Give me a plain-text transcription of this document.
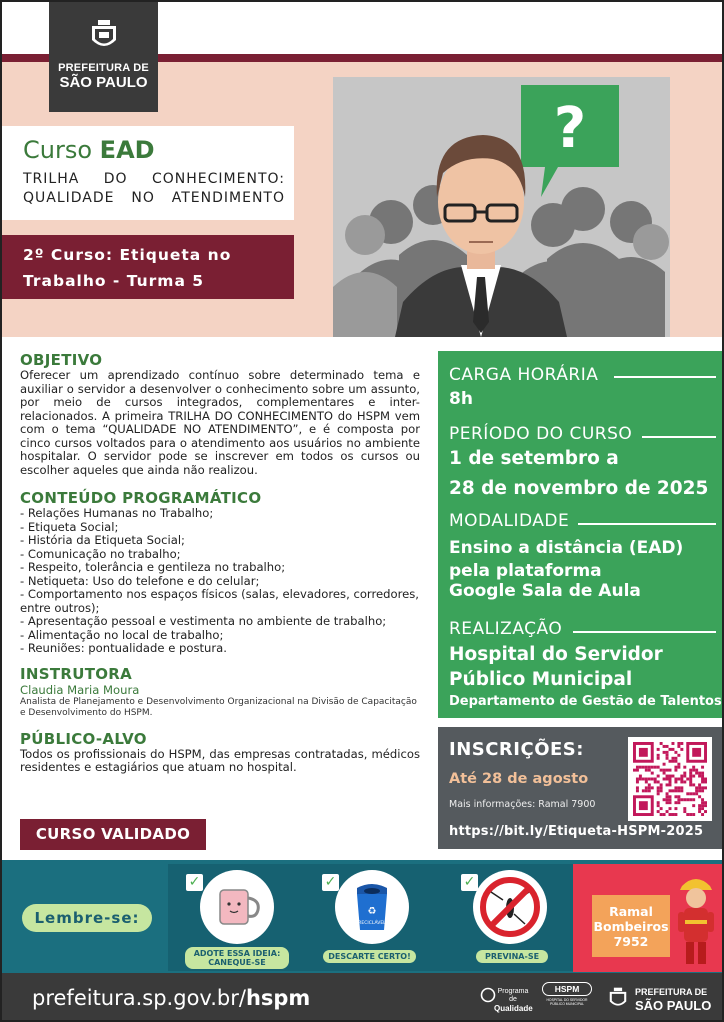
PREFEITURA DE
SÃO PAULO
Curso EAD
TRILHA DO CONHECIMENTO:
QUALIDADE NO ATENDIMENTO
2º Curso: Etiqueta no
Trabalho - Turma 5
?
OBJETIVO
Oferecer um aprendizado contínuo sobre determinado tema e auxiliar o servidor a desenvolver o conhecimento sobre um assunto, por meio de cursos integrados, complementares e inter-relacionados. A primeira TRILHA DO CONHECIMENTO do HSPM vem com o tema “QUALIDADE NO ATENDIMENTO”, e é composta por cinco cursos voltados para o atendimento aos usuários no ambiente hospitalar. O servidor pode se inscrever em todos os cursos ou escolher aqueles que ainda não realizou.
CONTEÚDO PROGRAMÁTICO
- Relações Humanas no Trabalho;
- Etiqueta Social;
- História da Etiqueta Social;
- Comunicação no trabalho;
- Respeito, tolerância e gentileza no trabalho;
- Netiqueta: Uso do telefone e do celular;
- Comportamento nos espaços físicos (salas, elevadores, corredores, entre outros);
- Apresentação pessoal e vestimenta no ambiente de trabalho;
- Alimentação no local de trabalho;
- Reuniões: pontualidade e postura.
INSTRUTORA
Claudia Maria Moura
Analista de Planejamento e Desenvolvimento Organizacional na Divisão de Capacitação e Desenvolvimento do HSPM.
PÚBLICO-ALVO
Todos os profissionais do HSPM, das empresas contratadas, médicos residentes e estagiários que atuam no hospital.
CURSO VALIDADO
CARGA HORÁRIA
8h
PERÍODO DO CURSO
1 de setembro a
28 de novembro de 2025
MODALIDADE
Ensino a distância (EAD)
pela plataforma
Google Sala de Aula
REALIZAÇÃO
Hospital do Servidor
Público Municipal
Departamento de Gestão de Talentos
INSCRIÇÕES:
Até 28 de agosto
Mais informações: Ramal 7900
https://bit.ly/Etiqueta-HSPM-2025
Lembre-se:
✓	✓	✓
♻
RECICLÁVEL
ADOTE ESSA IDEIA: CANEQUE-SE
DESCARTE CERTO!	PREVINA-SE
Ramal
Bombeiros
7952
prefeitura.sp.gov.br/hspm	Programa de
Qualidade
HSPM
HOSPITAL DO SERVIDOR PÚBLICO MUNICIPAL
PREFEITURA DE
SÃO PAULO
